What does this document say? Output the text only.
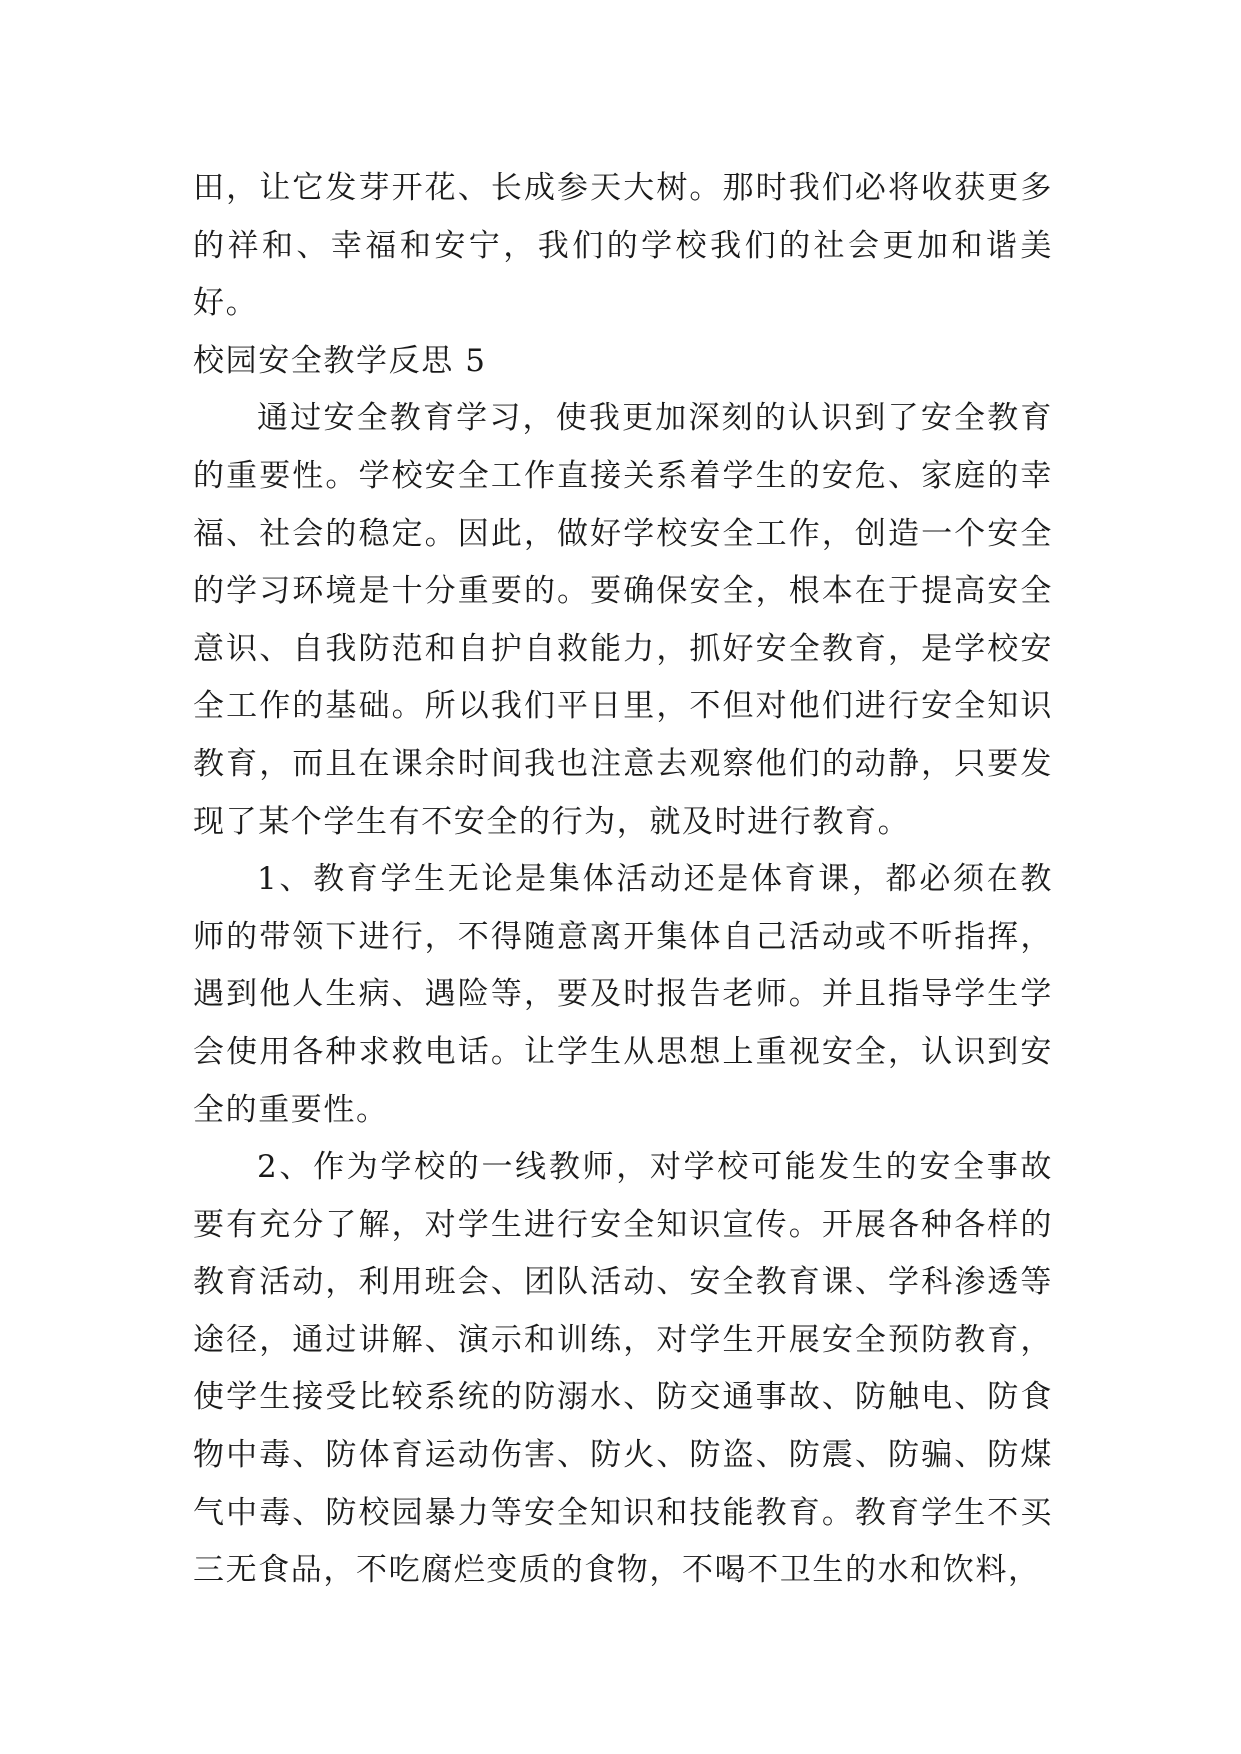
田，让它发芽开花、长成参天大树。那时我们必将收获更多的祥和、幸福和安宁，我们的学校我们的社会更加和谐美好。

校园安全教学反思 5

通过安全教育学习，使我更加深刻的认识到了安全教育的重要性。学校安全工作直接关系着学生的安危、家庭的幸福、社会的稳定。因此，做好学校安全工作，创造一个安全的学习环境是十分重要的。要确保安全，根本在于提高安全意识、自我防范和自护自救能力，抓好安全教育，是学校安全工作的基础。所以我们平日里，不但对他们进行安全知识教育，而且在课余时间我也注意去观察他们的动静，只要发现了某个学生有不安全的行为，就及时进行教育。

1、教育学生无论是集体活动还是体育课，都必须在教师的带领下进行，不得随意离开集体自己活动或不听指挥，遇到他人生病、遇险等，要及时报告老师。并且指导学生学会使用各种求救电话。让学生从思想上重视安全，认识到安全的重要性。

2、作为学校的一线教师，对学校可能发生的安全事故要有充分了解，对学生进行安全知识宣传。开展各种各样的教育活动，利用班会、团队活动、安全教育课、学科渗透等途径，通过讲解、演示和训练，对学生开展安全预防教育，使学生接受比较系统的防溺水、防交通事故、防触电、防食物中毒、防体育运动伤害、防火、防盗、防震、防骗、防煤气中毒、防校园暴力等安全知识和技能教育。教育学生不买三无食品，不吃腐烂变质的食物，不喝不卫生的水和饮料，
